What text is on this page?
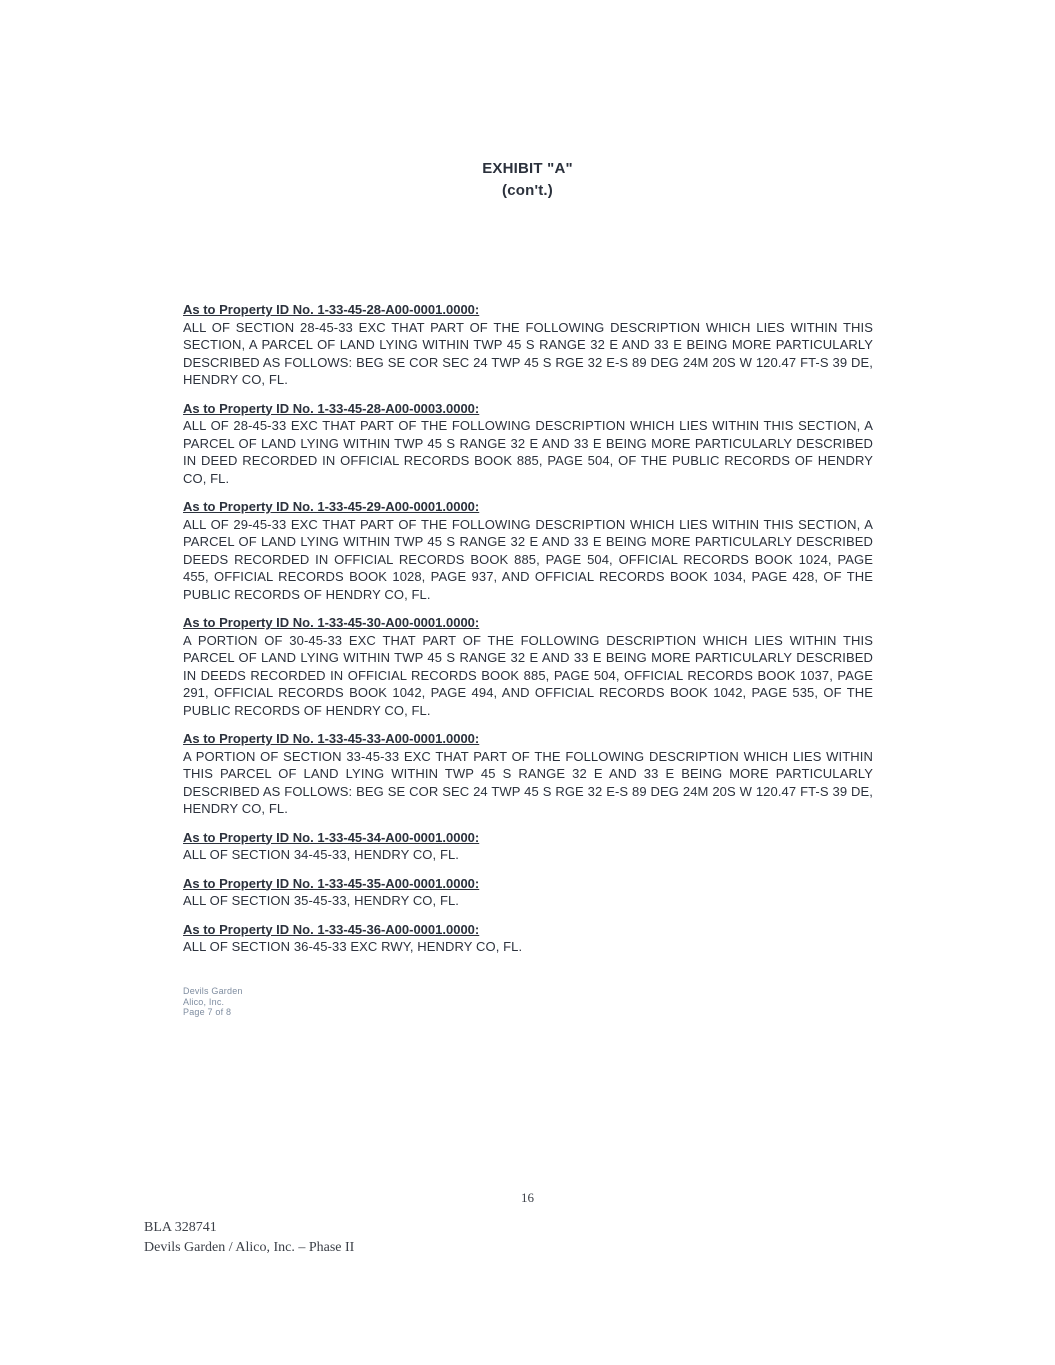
EXHIBIT "A"
(con't.)
As to Property ID No. 1-33-45-28-A00-0001.0000:
ALL OF SECTION 28-45-33 EXC THAT PART OF THE FOLLOWING DESCRIPTION WHICH LIES WITHIN THIS SECTION, A PARCEL OF LAND LYING WITHIN TWP 45 S RANGE 32 E AND 33 E BEING MORE PARTICULARLY DESCRIBED AS FOLLOWS: BEG SE COR SEC 24 TWP 45 S RGE 32 E-S 89 DEG 24M 20S W 120.47 FT-S 39 DE, HENDRY CO, FL.
As to Property ID No. 1-33-45-28-A00-0003.0000:
ALL OF 28-45-33 EXC THAT PART OF THE FOLLOWING DESCRIPTION WHICH LIES WITHIN THIS SECTION, A PARCEL OF LAND LYING WITHIN TWP 45 S RANGE 32 E AND 33 E BEING MORE PARTICULARLY DESCRIBED IN DEED RECORDED IN OFFICIAL RECORDS BOOK 885, PAGE 504, OF THE PUBLIC RECORDS OF HENDRY CO, FL.
As to Property ID No. 1-33-45-29-A00-0001.0000:
ALL OF 29-45-33 EXC THAT PART OF THE FOLLOWING DESCRIPTION WHICH LIES WITHIN THIS SECTION, A PARCEL OF LAND LYING WITHIN TWP 45 S RANGE 32 E AND 33 E BEING MORE PARTICULARLY DESCRIBED DEEDS RECORDED IN OFFICIAL RECORDS BOOK 885, PAGE 504, OFFICIAL RECORDS BOOK 1024, PAGE 455, OFFICIAL RECORDS BOOK 1028, PAGE 937, AND OFFICIAL RECORDS BOOK 1034, PAGE 428, OF THE PUBLIC RECORDS OF HENDRY CO, FL.
As to Property ID No. 1-33-45-30-A00-0001.0000:
A PORTION OF 30-45-33 EXC THAT PART OF THE FOLLOWING DESCRIPTION WHICH LIES WITHIN THIS PARCEL OF LAND LYING WITHIN TWP 45 S RANGE 32 E AND 33 E BEING MORE PARTICULARLY DESCRIBED IN DEEDS RECORDED IN OFFICIAL RECORDS BOOK 885, PAGE 504, OFFICIAL RECORDS BOOK 1037, PAGE 291, OFFICIAL RECORDS BOOK 1042, PAGE 494, AND OFFICIAL RECORDS BOOK 1042, PAGE 535, OF THE PUBLIC RECORDS OF HENDRY CO, FL.
As to Property ID No. 1-33-45-33-A00-0001.0000:
A PORTION OF SECTION 33-45-33 EXC THAT PART OF THE FOLLOWING DESCRIPTION WHICH LIES WITHIN THIS PARCEL OF LAND LYING WITHIN TWP 45 S RANGE 32 E AND 33 E BEING MORE PARTICULARLY DESCRIBED AS FOLLOWS: BEG SE COR SEC 24 TWP 45 S RGE 32 E-S 89 DEG 24M 20S W 120.47 FT-S 39 DE, HENDRY CO, FL.
As to Property ID No. 1-33-45-34-A00-0001.0000:
ALL OF SECTION 34-45-33, HENDRY CO, FL.
As to Property ID No. 1-33-45-35-A00-0001.0000:
ALL OF SECTION 35-45-33, HENDRY CO, FL.
As to Property ID No. 1-33-45-36-A00-0001.0000:
ALL OF SECTION 36-45-33 EXC RWY, HENDRY CO, FL.
Devils Garden
Alico, Inc.
Page 7 of 8
16
BLA 328741
Devils Garden / Alico, Inc. – Phase II
